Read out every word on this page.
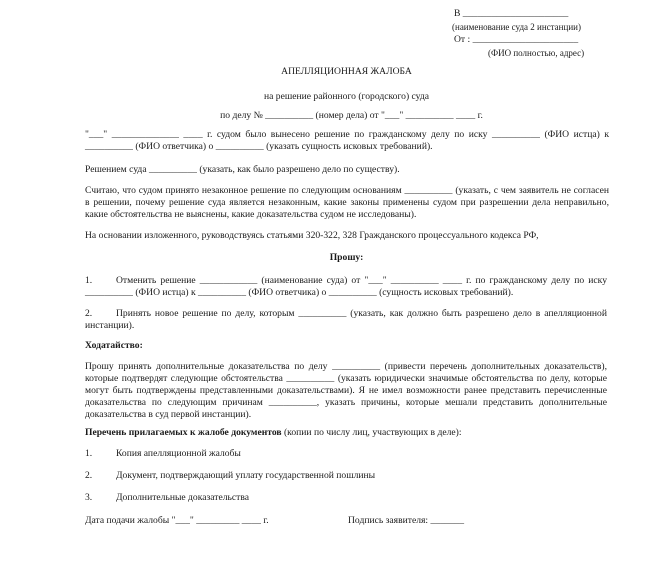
В ______________________
(наименование суда 2 инстанции)
От : ______________________
(ФИО полностью, адрес)
АПЕЛЛЯЦИОННАЯ ЖАЛОБА
на решение районного (городского) суда
по делу № __________ (номер дела) от "___" __________ ____ г.
"___" ______________ ____ г. судом было вынесено решение по гражданскому делу по иску __________ (ФИО истца) к __________ (ФИО ответчика) о __________ (указать сущность исковых требований).
Решением суда __________ (указать, как было разрешено дело по существу).
Считаю, что судом принято незаконное решение по следующим основаниям __________ (указать, с чем заявитель не согласен в решении, почему решение суда является незаконным, какие законы применены судом при разрешении дела неправильно, какие обстоятельства не выяснены, какие доказательства судом не исследованы).
На основании изложенного, руководствуясь статьями 320-322, 328 Гражданского процессуального кодекса РФ,
Прошу:
1.	Отменить решение ____________ (наименование суда) от "___" __________ ____ г. по гражданскому делу по иску __________ (ФИО истца) к __________ (ФИО ответчика) о __________ (сущность исковых требований).
2.	Принять новое решение по делу, которым __________ (указать, как должно быть разрешено дело в апелляционной инстанции).
Ходатайство:
Прошу принять дополнительные доказательства по делу __________ (привести перечень дополнительных доказательств), которые подтвердят следующие обстоятельства __________ (указать юридически значимые обстоятельства по делу, которые могут быть подтверждены представленными доказательствами). Я не имел возможности ранее представить перечисленные доказательства по следующим причинам __________, указать причины, которые мешали представить дополнительные доказательства в суд первой инстанции).
Перечень прилагаемых к жалобе документов (копии по числу лиц, участвующих в деле):
1. Копия апелляционной жалобы
2. Документ, подтверждающий уплату государственной пошлины
3. Дополнительные доказательства
Дата подачи жалобы "___" _________ ____ г.	Подпись заявителя: _______
